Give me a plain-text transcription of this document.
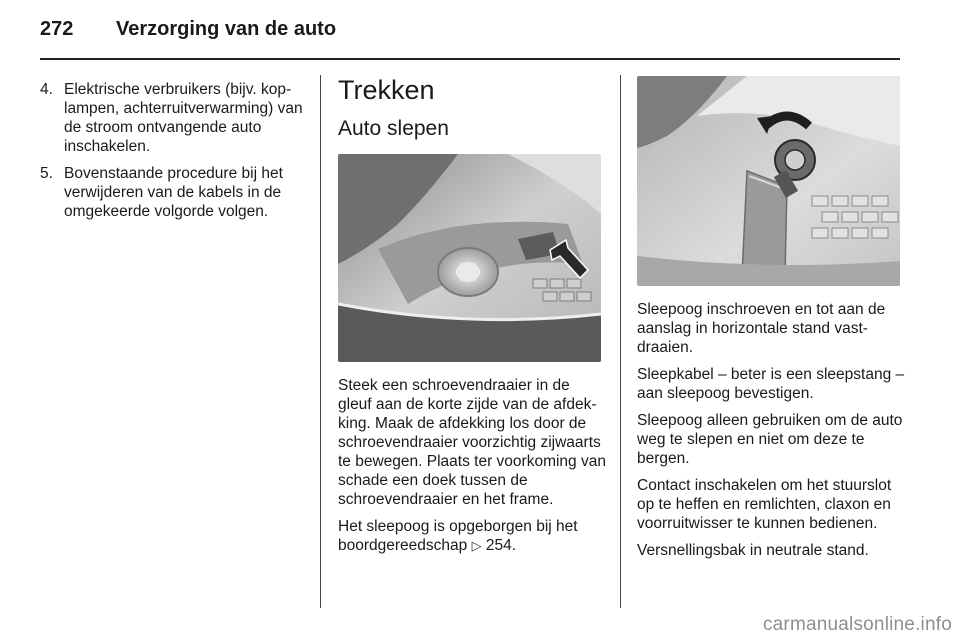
272	Verzorging van de auto
4. Elektrische verbruikers (bijv. koplampen, achterruitverwarming) van de stroom ontvangende auto inschakelen.
5. Bovenstaande procedure bij het verwijderen van de kabels in de omgekeerde volgorde volgen.
Trekken
Auto slepen

Steek een schroevendraaier in de gleuf aan de korte zijde van de afdekking. Maak de afdekking los door de schroevendraaier voorzichtig zijwaarts te bewegen. Plaats ter voorkoming van schade een doek tussen de schroevendraaier en het frame.

Het sleepoog is opgeborgen bij het boordgereedschap ▷ 254.

Sleepoog inschroeven en tot aan de aanslag in horizontale stand vastdraaien.

Sleepkabel – beter is een sleepstang – aan sleepoog bevestigen.

Sleepoog alleen gebruiken om de auto weg te slepen en niet om deze te bergen.

Contact inschakelen om het stuurslot op te heffen en remlichten, claxon en voorruitwisser te kunnen bedienen.

Versnellingsbak in neutrale stand.

carmanualsonline.info
